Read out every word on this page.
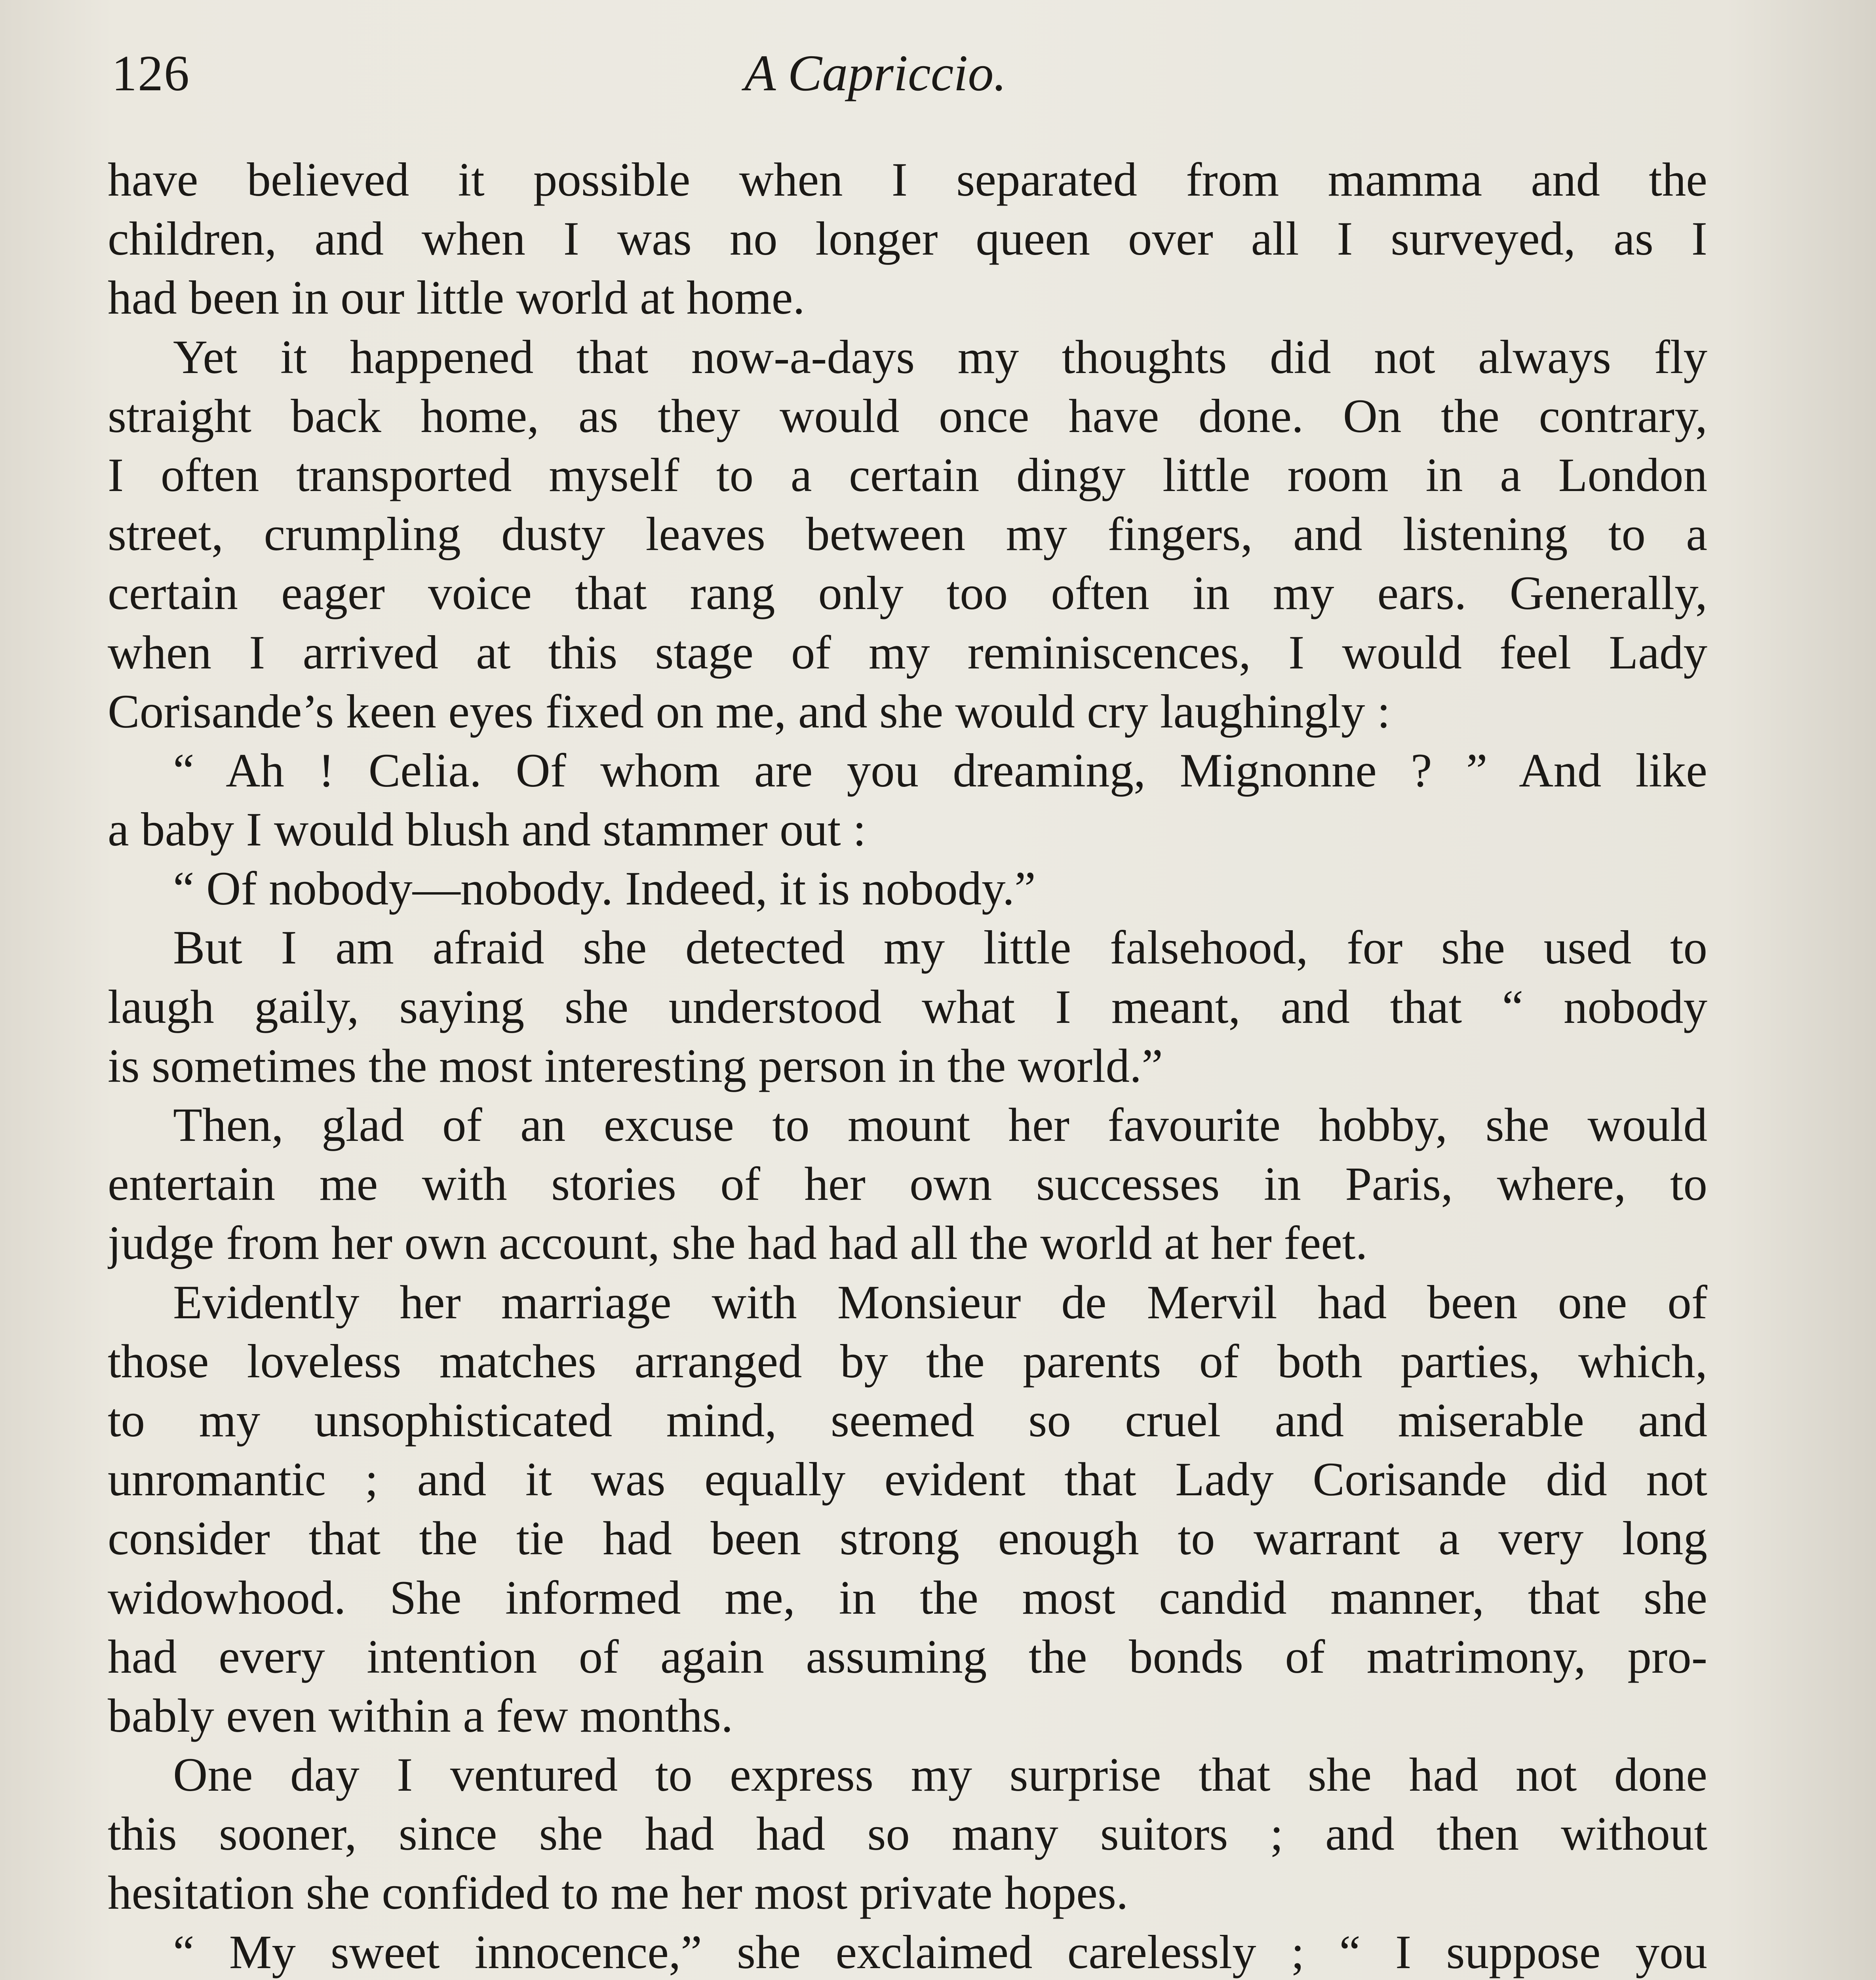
126	A Capriccio.
have believed it possible when I separated from mamma and the
children, and when I was no longer queen over all I surveyed, as I
had been in our little world at home.
Yet it happened that now-a-days my thoughts did not always fly
straight back home, as they would once have done. On the contrary,
I often transported myself to a certain dingy little room in a London
street, crumpling dusty leaves between my fingers, and listening to a
certain eager voice that rang only too often in my ears. Generally,
when I arrived at this stage of my reminiscences, I would feel Lady
Corisande’s keen eyes fixed on me, and she would cry laughingly :
“ Ah ! Celia. Of whom are you dreaming, Mignonne ? ” And like
a baby I would blush and stammer out :
“ Of nobody—nobody. Indeed, it is nobody.”
But I am afraid she detected my little falsehood, for she used to
laugh gaily, saying she understood what I meant, and that “ nobody
is sometimes the most interesting person in the world.”
Then, glad of an excuse to mount her favourite hobby, she would
entertain me with stories of her own successes in Paris, where, to
judge from her own account, she had had all the world at her feet.
Evidently her marriage with Monsieur de Mervil had been one of
those loveless matches arranged by the parents of both parties, which,
to my unsophisticated mind, seemed so cruel and miserable and
unromantic ; and it was equally evident that Lady Corisande did not
consider that the tie had been strong enough to warrant a very long
widowhood. She informed me, in the most candid manner, that she
had every intention of again assuming the bonds of matrimony, pro-
bably even within a few months.
One day I ventured to express my surprise that she had not done
this sooner, since she had had so many suitors ; and then without
hesitation she confided to me her most private hopes.
“ My sweet innocence,” she exclaimed carelessly ; “ I suppose you
